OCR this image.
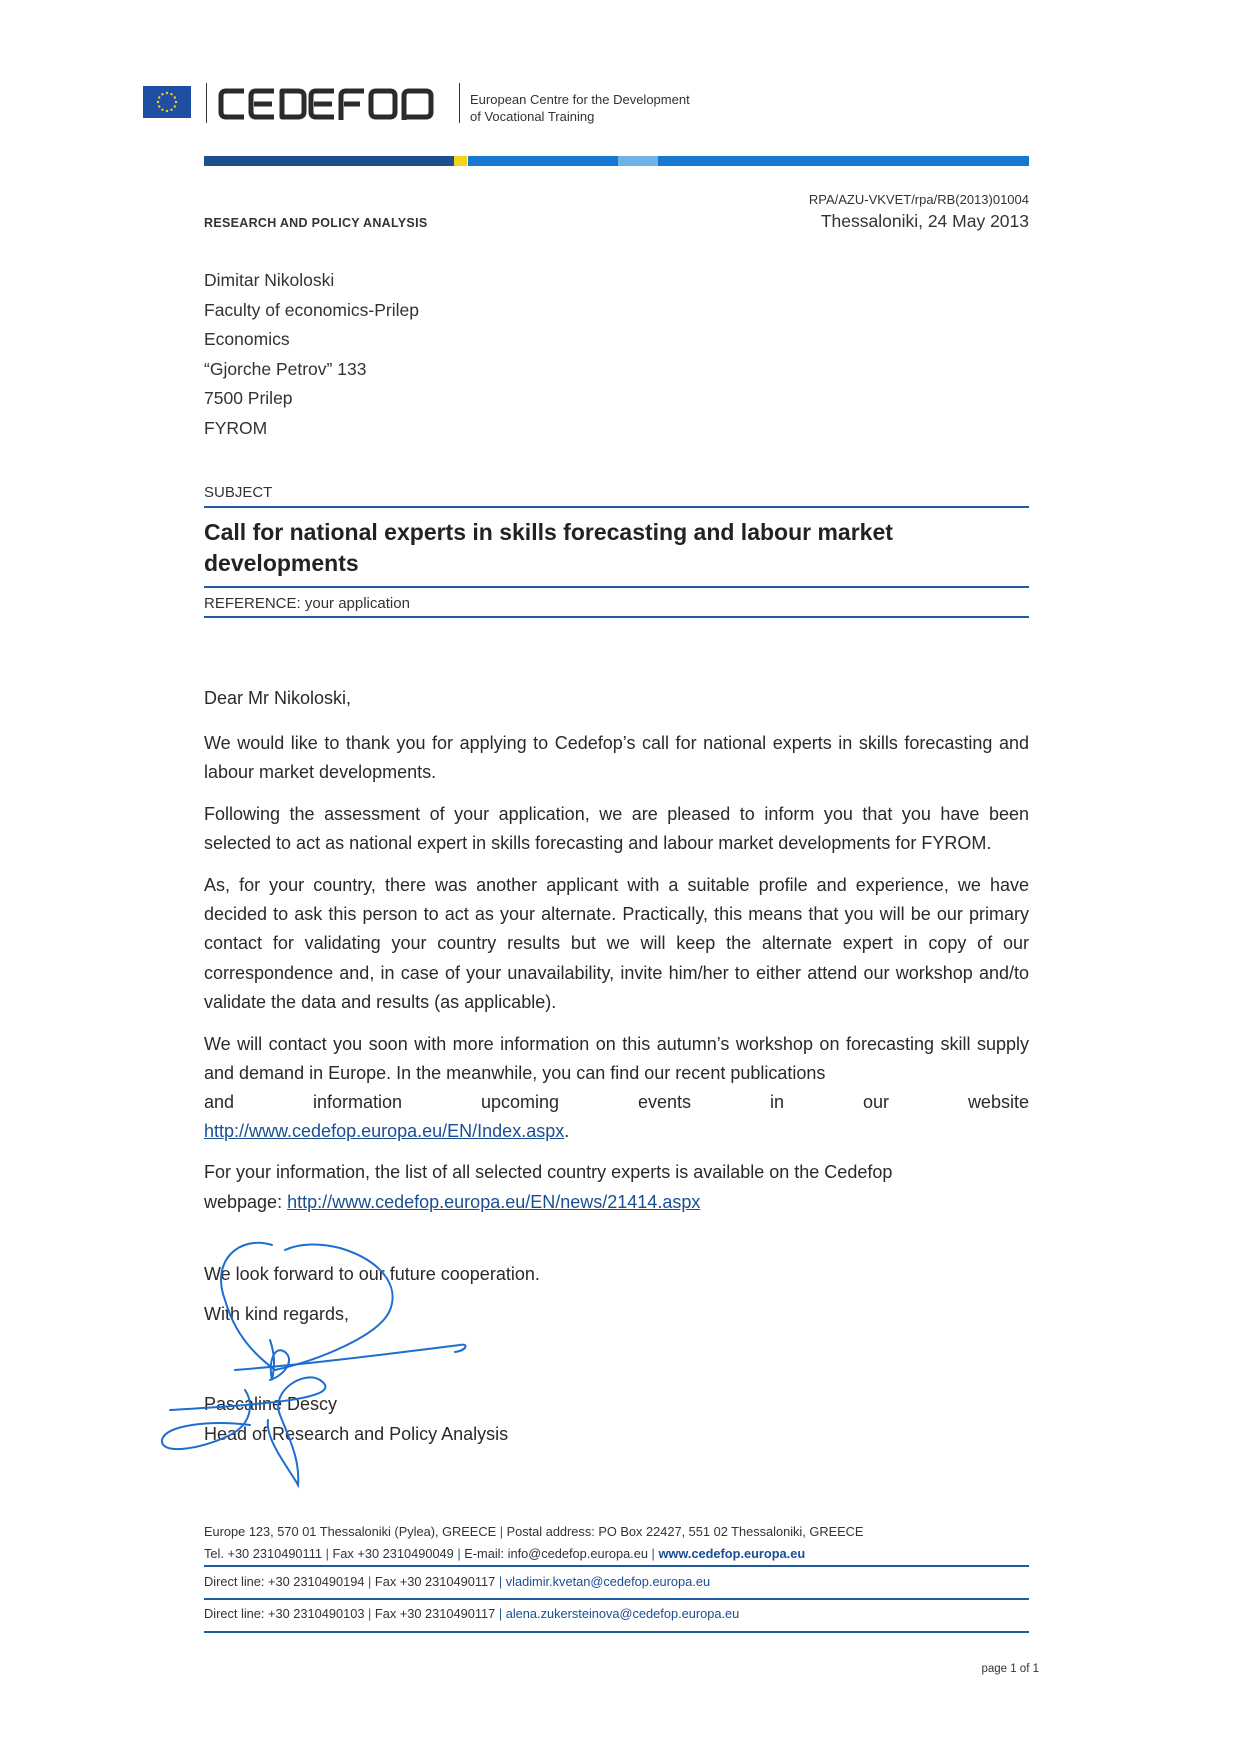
European Centre for the Development
of Vocational Training
RESEARCH AND POLICY ANALYSIS
RPA/AZU-VKVET/rpa/RB(2013)01004
Thessaloniki, 24 May 2013
Dimitar Nikoloski
Faculty of economics-Prilep
Economics
“Gjorche Petrov” 133
7500 Prilep
FYROM
SUBJECT
Call for national experts in skills forecasting and labour market developments
REFERENCE: your application

Dear Mr Nikoloski,

We would like to thank you for applying to Cedefop’s call for national experts in skills forecasting and labour market developments.

Following the assessment of your application, we are pleased to inform you that you have been selected to act as national expert in skills forecasting and labour market developments for FYROM.

As, for your country, there was another applicant with a suitable profile and experience, we have decided to ask this person to act as your alternate. Practically, this means that you will be our primary contact for validating your country results but we will keep the alternate expert in copy of our correspondence and, in case of your unavailability, invite him/her to either attend our workshop and/to validate the data and results (as applicable).

We will contact you soon with more information on this autumn’s workshop on forecasting skill supply and demand in Europe. In the meanwhile, you can find our recent publications
and	information	upcoming	events	in	our	website
http://www.cedefop.europa.eu/EN/Index.aspx.

For your information, the list of all selected country experts is available on the Cedefop
webpage: http://www.cedefop.europa.eu/EN/news/21414.aspx

We look forward to our future cooperation.

With kind regards,

Pascaline Descy
Head of Research and Policy Analysis
Europe 123, 570 01 Thessaloniki (Pylea), GREECE | Postal address: PO Box 22427, 551 02 Thessaloniki, GREECE
Tel. +30 2310490111 | Fax +30 2310490049 | E-mail: info@cedefop.europa.eu | www.cedefop.europa.eu
Direct line: +30 2310490194 | Fax +30 2310490117 | vladimir.kvetan@cedefop.europa.eu
Direct line: +30 2310490103 | Fax +30 2310490117 | alena.zukersteinova@cedefop.europa.eu
page 1 of 1
